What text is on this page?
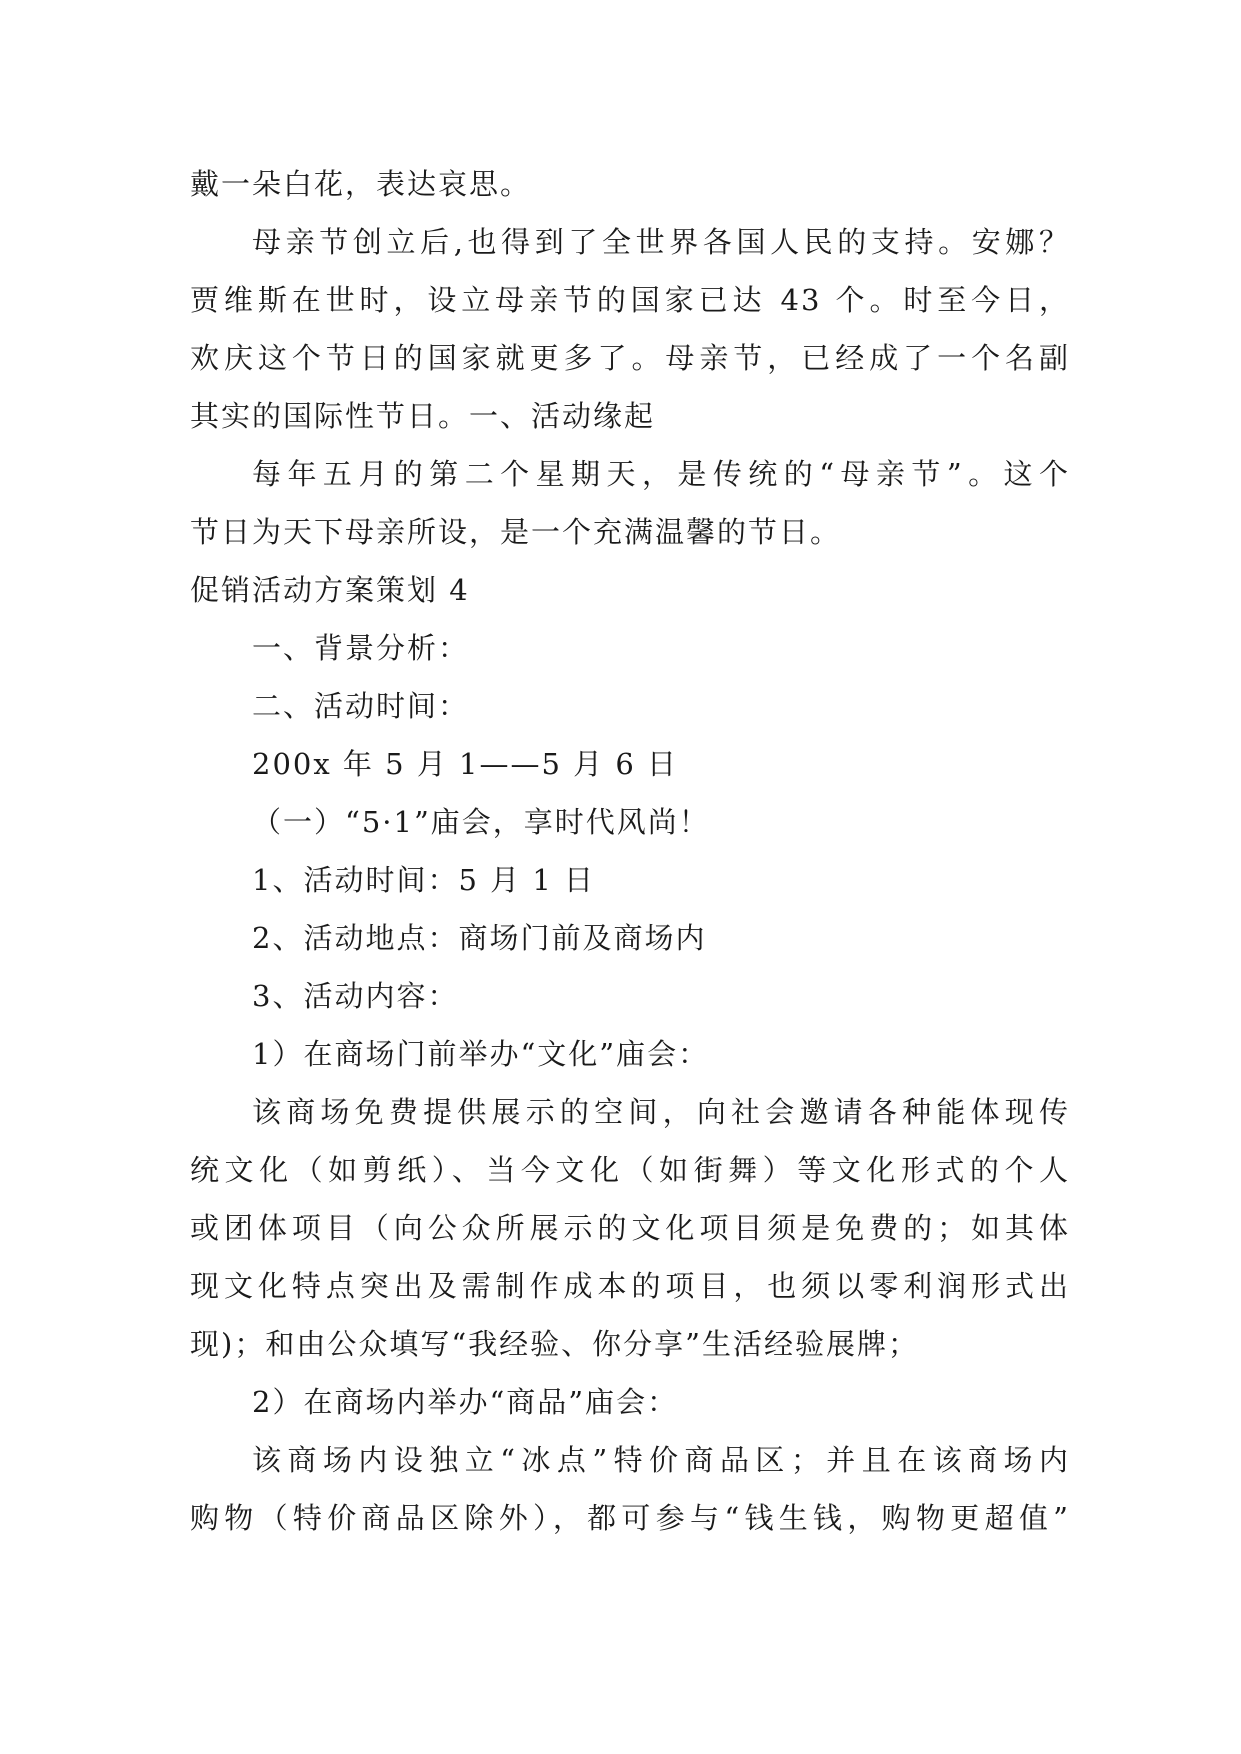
戴一朵白花，表达哀思。
母亲节创立后,也得到了全世界各国人民的支持。安娜？
贾维斯在世时，设立母亲节的国家已达 43 个。时至今日，
欢庆这个节日的国家就更多了。母亲节，已经成了一个名副
其实的国际性节日。一、活动缘起
每年五月的第二个星期天，是传统的“母亲节”。这个
节日为天下母亲所设，是一个充满温馨的节日。
促销活动方案策划 4
一、背景分析：
二、活动时间：
200x 年 5 月 1——5 月 6 日
（一）“5·1”庙会，享时代风尚！
1、活动时间：5 月 1 日
2、活动地点：商场门前及商场内
3、活动内容：
1）在商场门前举办“文化”庙会：
该商场免费提供展示的空间，向社会邀请各种能体现传
统文化（如剪纸）、当今文化（如街舞）等文化形式的个人
或团体项目（向公众所展示的文化项目须是免费的；如其体
现文化特点突出及需制作成本的项目，也须以零利润形式出
现)；和由公众填写“我经验、你分享”生活经验展牌；
2）在商场内举办“商品”庙会：
该商场内设独立“冰点”特价商品区；并且在该商场内
购物（特价商品区除外），都可参与“钱生钱，购物更超值”
